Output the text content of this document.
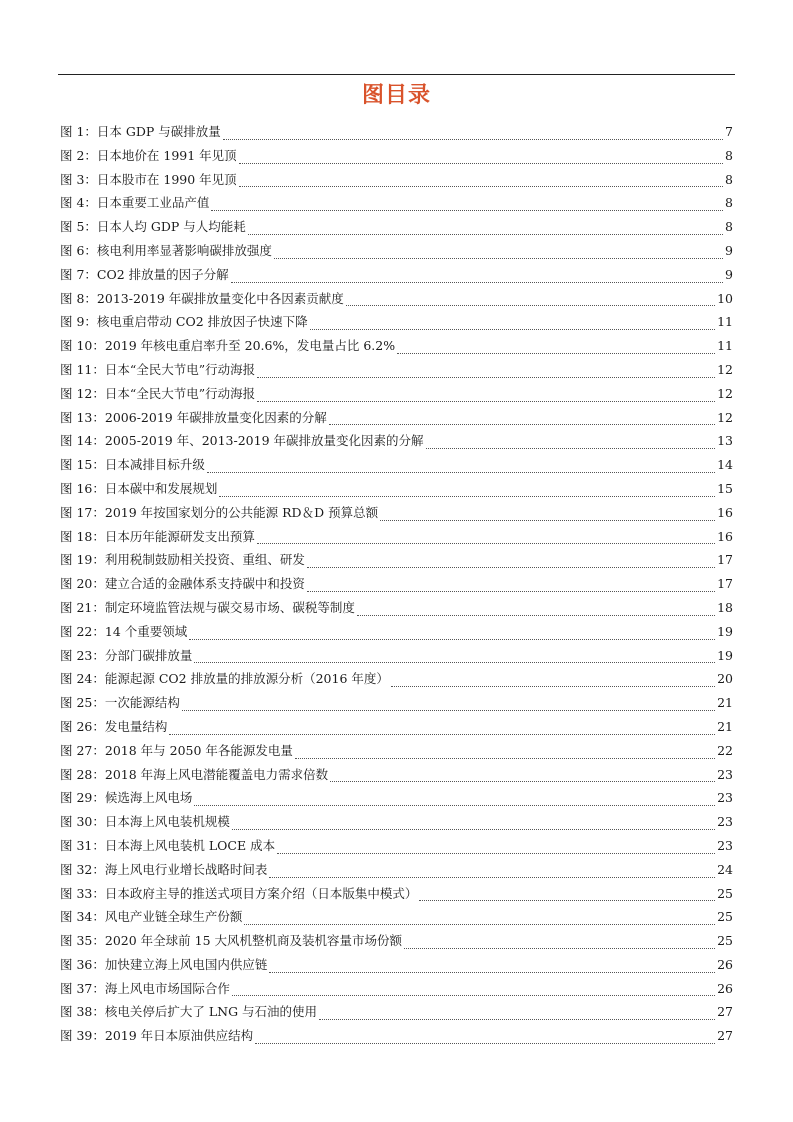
图目录
图 1：日本 GDP 与碳排放量	7
图 2：日本地价在 1991 年见顶	8
图 3：日本股市在 1990 年见顶	8
图 4：日本重要工业品产值	8
图 5：日本人均 GDP 与人均能耗	8
图 6：核电利用率显著影响碳排放强度	9
图 7：CO2 排放量的因子分解	9
图 8：2013-2019 年碳排放量变化中各因素贡献度	10
图 9：核电重启带动 CO2 排放因子快速下降	11
图 10：2019 年核电重启率升至 20.6%，发电量占比 6.2%	11
图 11：日本“全民大节电”行动海报	12
图 12：日本“全民大节电”行动海报	12
图 13：2006-2019 年碳排放量变化因素的分解	12
图 14：2005-2019 年、2013-2019 年碳排放量变化因素的分解	13
图 15：日本减排目标升级	14
图 16：日本碳中和发展规划	15
图 17：2019 年按国家划分的公共能源 RD＆D 预算总额	16
图 18：日本历年能源研发支出预算	16
图 19：利用税制鼓励相关投资、重组、研发	17
图 20：建立合适的金融体系支持碳中和投资	17
图 21：制定环境监管法规与碳交易市场、碳税等制度	18
图 22：14 个重要领域	19
图 23：分部门碳排放量	19
图 24：能源起源 CO2 排放量的排放源分析（2016 年度）	20
图 25：一次能源结构	21
图 26：发电量结构	21
图 27：2018 年与 2050 年各能源发电量	22
图 28：2018 年海上风电潜能覆盖电力需求倍数	23
图 29：候选海上风电场	23
图 30：日本海上风电装机规模	23
图 31：日本海上风电装机 LOCE 成本	23
图 32：海上风电行业增长战略时间表	24
图 33：日本政府主导的推送式项目方案介绍（日本版集中模式）	25
图 34：风电产业链全球生产份额	25
图 35：2020 年全球前 15 大风机整机商及装机容量市场份额	25
图 36：加快建立海上风电国内供应链	26
图 37：海上风电市场国际合作	26
图 38：核电关停后扩大了 LNG 与石油的使用	27
图 39：2019 年日本原油供应结构	27
